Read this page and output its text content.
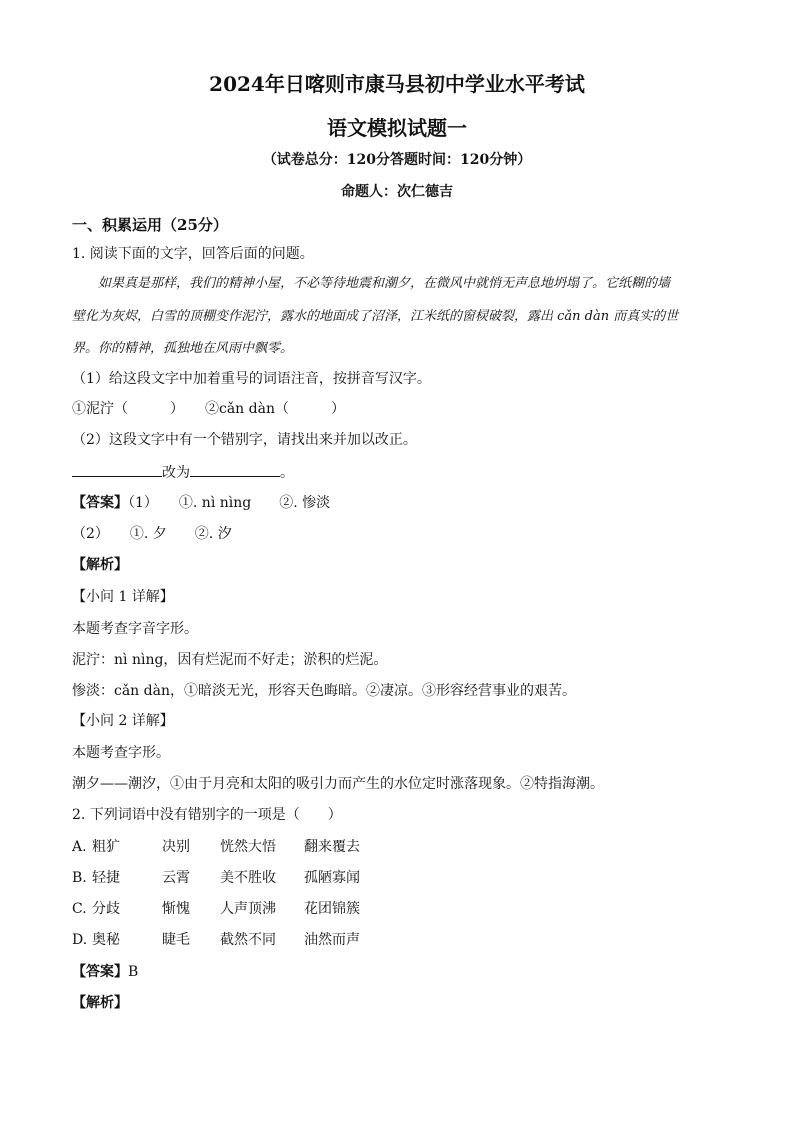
2024年日喀则市康马县初中学业水平考试
语文模拟试题一
（试卷总分：120分答题时间：120分钟）
命题人：次仁德吉
一、积累运用（25分）
1. 阅读下面的文字，回答后面的问题。
如果真是那样，我们的精神小屋，不必等待地震和潮夕，在微风中就悄无声息地坍塌了。它纸糊的墙
壁化为灰烬，白雪的顶棚变作泥泞，露水的地面成了沼泽，江米纸的窗棂破裂，露出 cǎn dàn 而真实的世
界。你的精神，孤独地在风雨中飘零。
（1）给这段文字中加着重号的词语注音，按拼音写汉字。
①泥泞（　　　）　　②cǎn dàn（　　　）
（2）这段文字中有一个错别字，请找出来并加以改正。
改为	。
【答案】（1）　　①. nì nìng　　②. 惨淡
（2）　　①. 夕　　②. 汐
【解析】
【小问 1 详解】
本题考查字音字形。
泥泞：nì nìng，因有烂泥而不好走；淤积的烂泥。
惨淡：cǎn dàn，①暗淡无光，形容天色晦暗。②凄凉。③形容经营事业的艰苦。
【小问 2 详解】
本题考查字形。
潮夕——潮汐，①由于月亮和太阳的吸引力而产生的水位定时涨落现象。②特指海潮。
2. 下列词语中没有错别字的一项是（　　）
A. 粗犷	决别 恍然大悟 翻来覆去
B. 轻捷	云霄 美不胜收 孤陋寡闻
C. 分歧	惭愧 人声顶沸 花团锦簇
D. 奥秘	睫毛 截然不同 油然而声
【答案】B
【解析】
